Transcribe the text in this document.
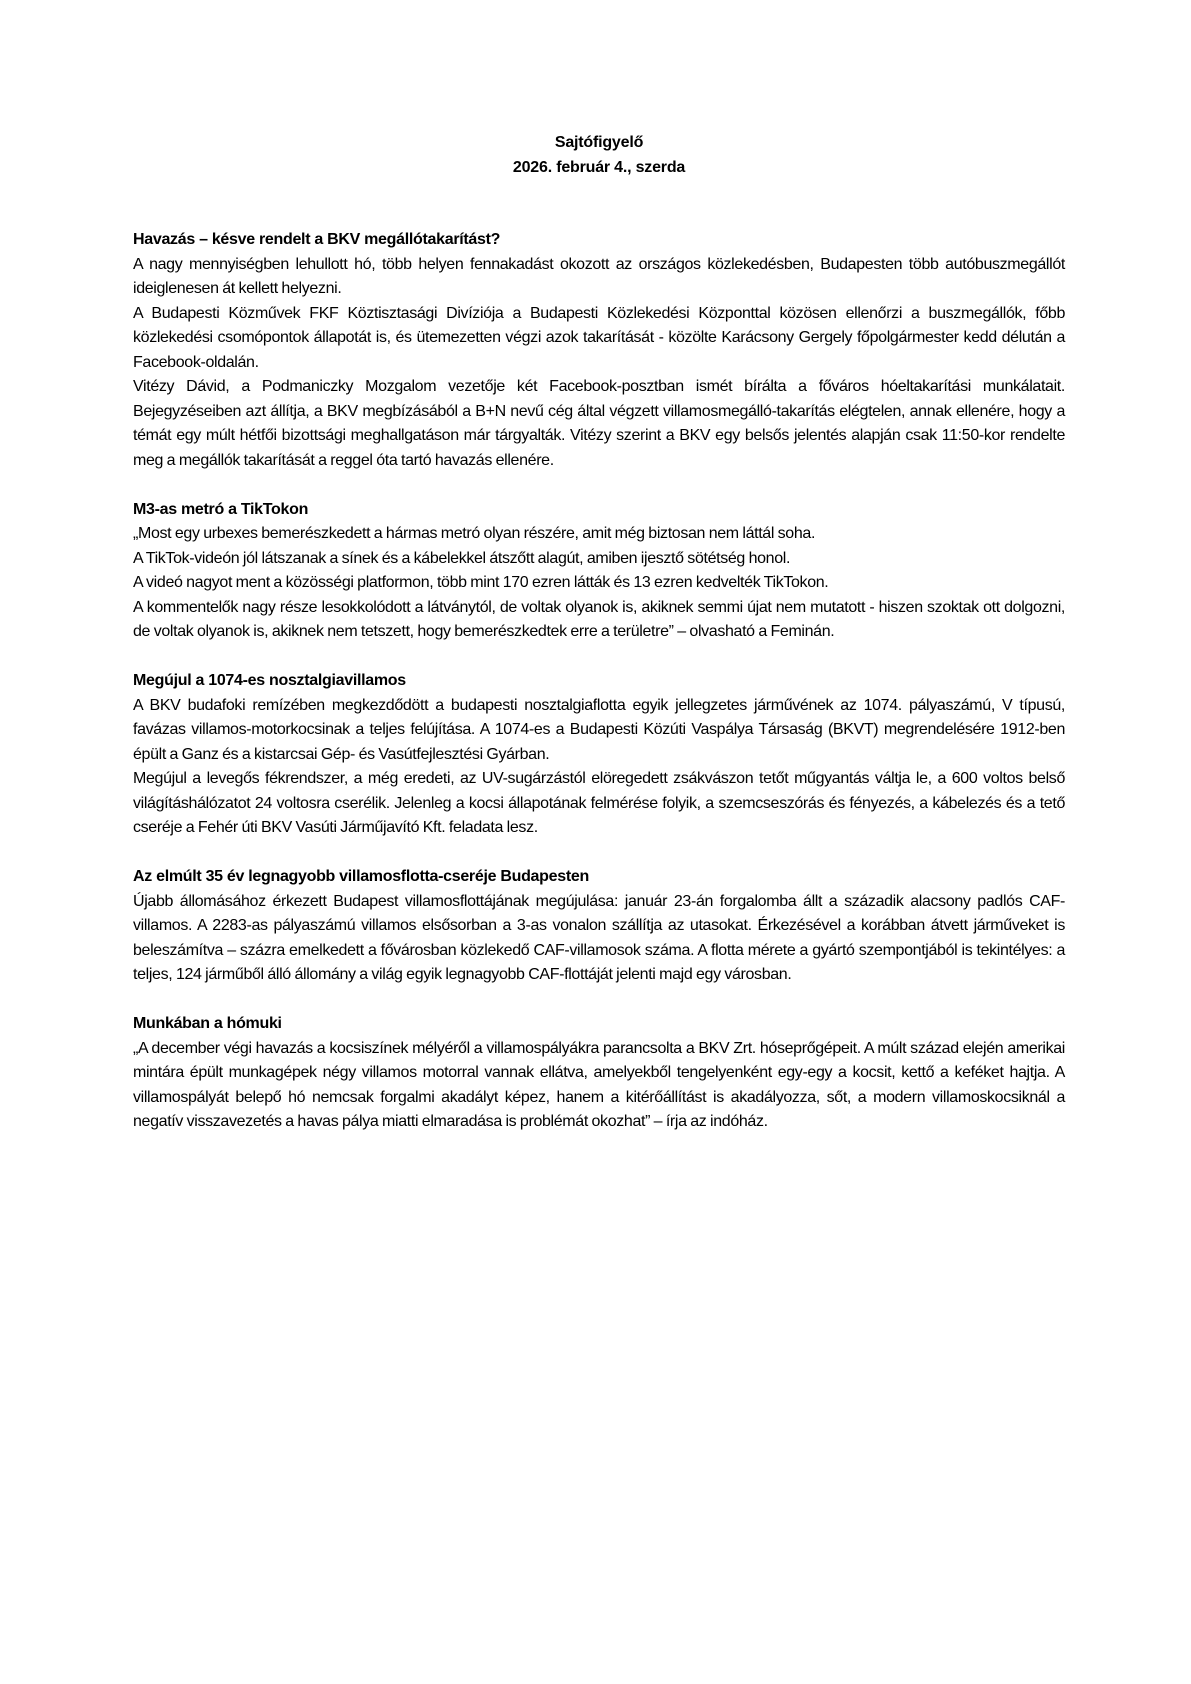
Sajtófigyelő

2026. február 4., szerda

Havazás – késve rendelt a BKV megállótakarítást?

A nagy mennyiségben lehullott hó, több helyen fennakadást okozott az országos közlekedésben, Budapesten több autóbuszmegállót ideiglenesen át kellett helyezni.

A Budapesti Közművek FKF Köztisztasági Divíziója a Budapesti Közlekedési Központtal közösen ellenőrzi a buszmegállók, főbb közlekedési csomópontok állapotát is, és ütemezetten végzi azok takarítását - közölte Karácsony Gergely főpolgármester kedd délután a Facebook-oldalán.

Vitézy Dávid, a Podmaniczky Mozgalom vezetője két Facebook-posztban ismét bírálta a főváros hóeltakarítási munkálatait. Bejegyzéseiben azt állítja, a BKV megbízásából a B+N nevű cég által végzett villamosmegálló-takarítás elégtelen, annak ellenére, hogy a témát egy múlt hétfői bizottsági meghallgatáson már tárgyalták. Vitézy szerint a BKV egy belsős jelentés alapján csak 11:50-kor rendelte meg a megállók takarítását a reggel óta tartó havazás ellenére.

M3-as metró a TikTokon

„Most egy urbexes bemerészkedett a hármas metró olyan részére, amit még biztosan nem láttál soha.

A TikTok-videón jól látszanak a sínek és a kábelekkel átszőtt alagút, amiben ijesztő sötétség honol.

A videó nagyot ment a közösségi platformon, több mint 170 ezren látták és 13 ezren kedvelték TikTokon.

A kommentelők nagy része lesokkolódott a látványtól, de voltak olyanok is, akiknek semmi újat nem mutatott - hiszen szoktak ott dolgozni, de voltak olyanok is, akiknek nem tetszett, hogy bemerészkedtek erre a területre” – olvasható a Feminán.

Megújul a 1074-es nosztalgiavillamos

A BKV budafoki remízében megkezdődött a budapesti nosztalgiaflotta egyik jellegzetes járművének az 1074. pályaszámú, V típusú, favázas villamos-motorkocsinak a teljes felújítása. A 1074-es a Budapesti Közúti Vaspálya Társaság (BKVT) megrendelésére 1912-ben épült a Ganz és a kistarcsai Gép- és Vasútfejlesztési Gyárban.

Megújul a levegős fékrendszer, a még eredeti, az UV-sugárzástól elöregedett zsákvászon tetőt műgyantás váltja le, a 600 voltos belső világításhálózatot 24 voltosra cserélik. Jelenleg a kocsi állapotának felmérése folyik, a szemcseszórás és fényezés, a kábelezés és a tető cseréje a Fehér úti BKV Vasúti Járműjavító Kft. feladata lesz.

Az elmúlt 35 év legnagyobb villamosflotta-cseréje Budapesten

Újabb állomásához érkezett Budapest villamosflottájának megújulása: január 23-án forgalomba állt a századik alacsony padlós CAF-villamos. A 2283-as pályaszámú villamos elsősorban a 3-as vonalon szállítja az utasokat. Érkezésével a korábban átvett járműveket is beleszámítva – százra emelkedett a fővárosban közlekedő CAF-villamosok száma. A flotta mérete a gyártó szempontjából is tekintélyes: a teljes, 124 járműből álló állomány a világ egyik legnagyobb CAF-flottáját jelenti majd egy városban.

Munkában a hómuki

„A december végi havazás a kocsiszínek mélyéről a villamospályákra parancsolta a BKV Zrt. hóseprőgépeit. A múlt század elején amerikai mintára épült munkagépek négy villamos motorral vannak ellátva, amelyekből tengelyenként egy-egy a kocsit, kettő a keféket hajtja. A villamospályát belepő hó nemcsak forgalmi akadályt képez, hanem a kitérőállítást is akadályozza, sőt, a modern villamoskocsiknál a negatív visszavezetés a havas pálya miatti elmaradása is problémát okozhat” – írja az indóház.
